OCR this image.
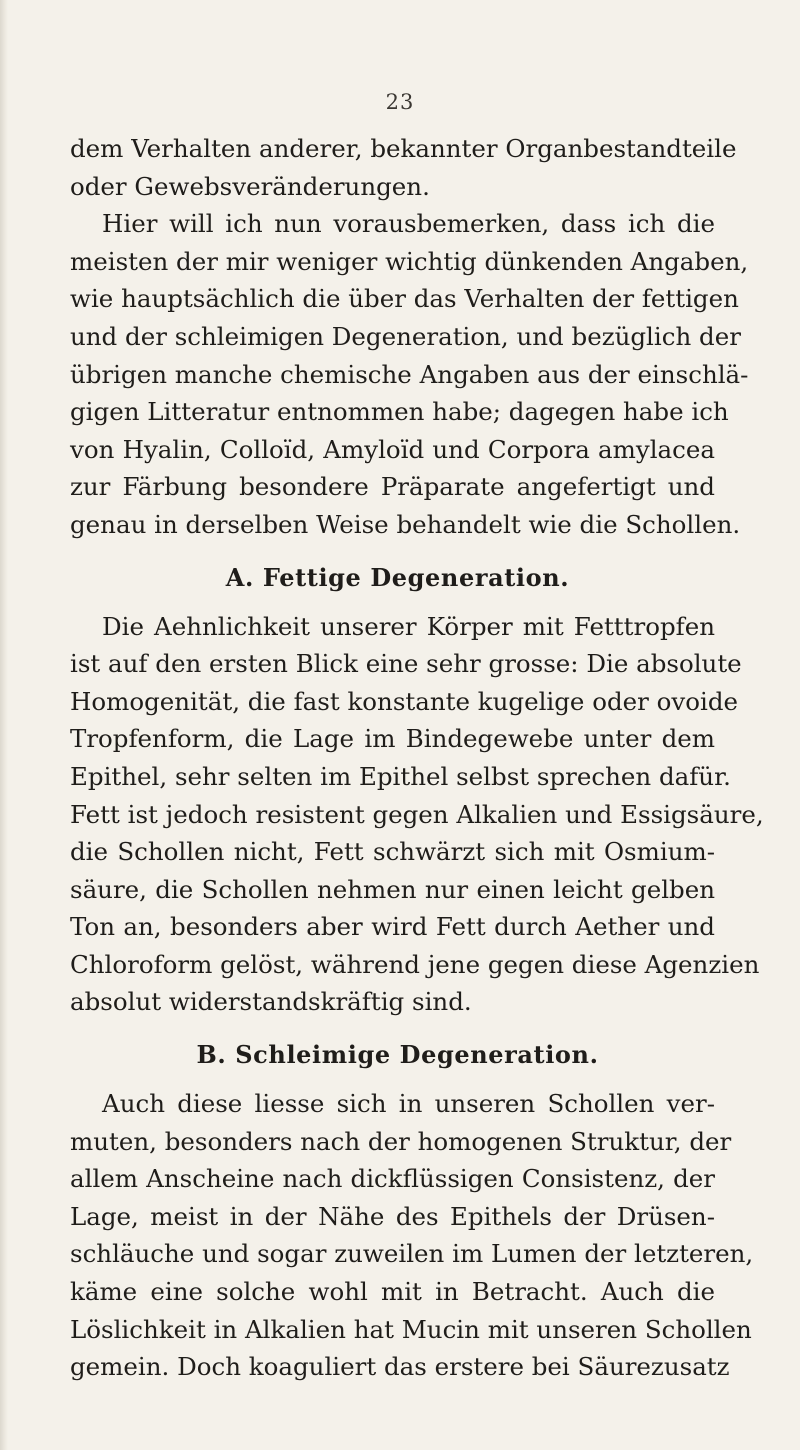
23
dem Verhalten anderer, bekannter Organbestandteile
oder Gewebsveränderungen.
Hier will ich nun vorausbemerken, dass ich die
meisten der mir weniger wichtig dünkenden Angaben,
wie hauptsächlich die über das Verhalten der fettigen
und der schleimigen Degeneration, und bezüglich der
übrigen manche chemische Angaben aus der einschlä-
gigen Litteratur entnommen habe; dagegen habe ich
von Hyalin, Colloïd, Amyloïd und Corpora amylacea
zur Färbung besondere Präparate angefertigt und
genau in derselben Weise behandelt wie die Schollen.
A. Fettige Degeneration.
Die Aehnlichkeit unserer Körper mit Fetttropfen
ist auf den ersten Blick eine sehr grosse: Die absolute
Homogenität, die fast konstante kugelige oder ovoide
Tropfenform, die Lage im Bindegewebe unter dem
Epithel, sehr selten im Epithel selbst sprechen dafür.
Fett ist jedoch resistent gegen Alkalien und Essigsäure,
die Schollen nicht, Fett schwärzt sich mit Osmium-
säure, die Schollen nehmen nur einen leicht gelben
Ton an, besonders aber wird Fett durch Aether und
Chloroform gelöst, während jene gegen diese Agenzien
absolut widerstandskräftig sind.
B. Schleimige Degeneration.
Auch diese liesse sich in unseren Schollen ver-
muten, besonders nach der homogenen Struktur, der
allem Anscheine nach dickflüssigen Consistenz, der
Lage, meist in der Nähe des Epithels der Drüsen-
schläuche und sogar zuweilen im Lumen der letzteren,
käme eine solche wohl mit in Betracht. Auch die
Löslichkeit in Alkalien hat Mucin mit unseren Schollen
gemein. Doch koaguliert das erstere bei Säurezusatz
